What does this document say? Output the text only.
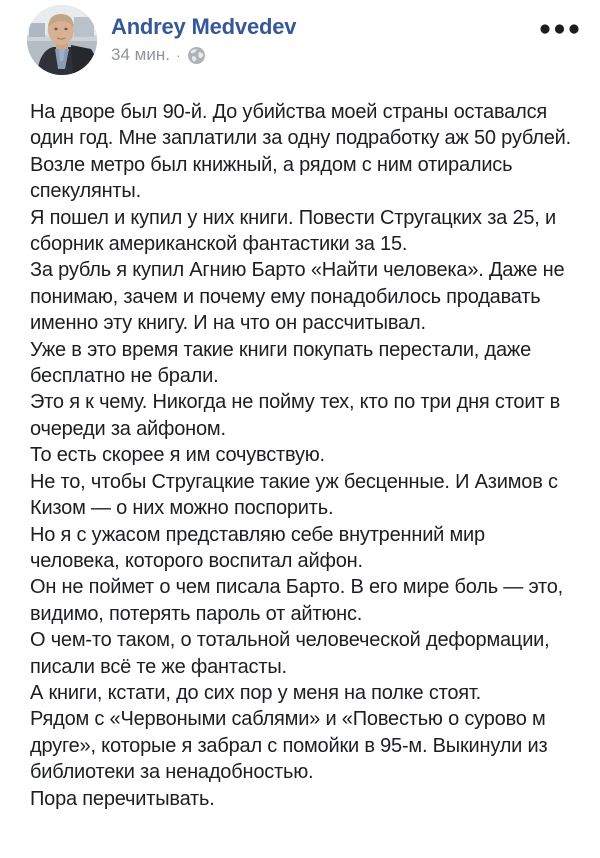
Andrey Medvedev
34 мин. ·
На дворе был 90-й. До убийства моей страны оставался один год. Мне заплатили за одну подработку аж 50 рублей.
Возле метро был книжный, а рядом с ним отирались спекулянты.
Я пошел и купил у них книги. Повести Стругацких за 25, и сборник американской фантастики за 15.
За рубль я купил Агнию Барто «Найти человека». Даже не понимаю, зачем и почему ему понадобилось продавать именно эту книгу. И на что он рассчитывал.
Уже в это время такие книги покупать перестали, даже бесплатно не брали.
Это я к чему. Никогда не пойму тех, кто по три дня стоит в очереди за айфоном.
То есть скорее я им сочувствую.
Не то, чтобы Стругацкие такие уж бесценные. И Азимов с Кизом — о них можно поспорить.
Но я с ужасом представляю себе внутренний мир человека, которого воспитал айфон.
Он не поймет о чем писала Барто. В его мире боль — это, видимо, потерять пароль от айтюнс.
О чем-то таком, о тотальной человеческой деформации, писали всё те же фантасты.
А книги, кстати, до сих пор у меня на полке стоят.
Рядом с «Червоными саблями» и «Повестью о сурово м друге», которые я забрал с помойки в 95-м. Выкинули из библиотеки за ненадобностью.
Пора перечитывать.
